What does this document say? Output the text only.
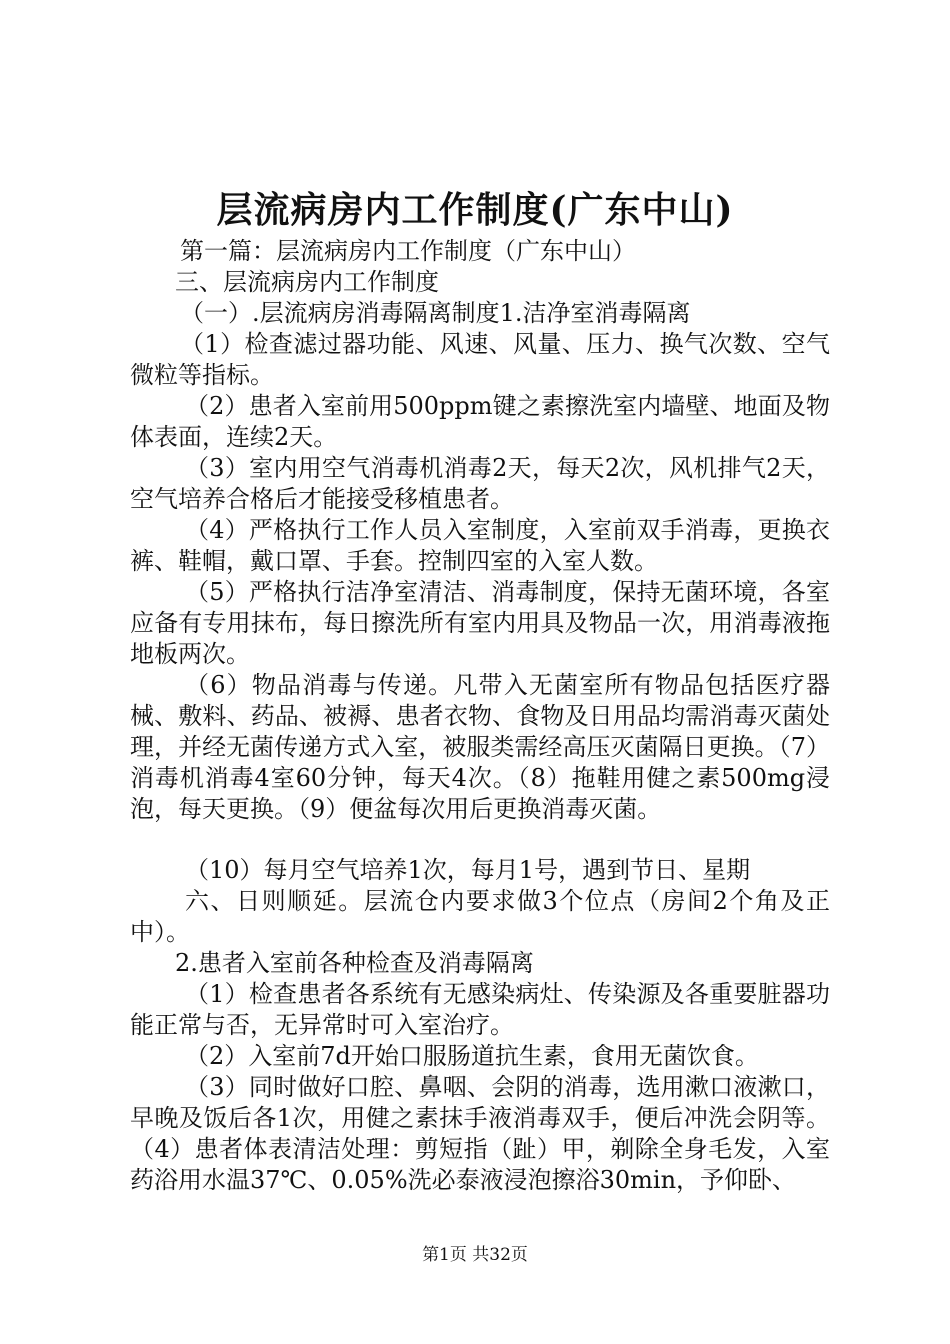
层流病房内工作制度(广东中山)

第一篇：层流病房内工作制度（广东中山）

三、层流病房内工作制度

（一）.层流病房消毒隔离制度1.洁净室消毒隔离

（1）检查滤过器功能、风速、风量、压力、换气次数、空气微粒等指标。

（2）患者入室前用500ppm键之素擦洗室内墙壁、地面及物体表面，连续2天。

（3）室内用空气消毒机消毒2天，每天2次，风机排气2天，空气培养合格后才能接受移植患者。

（4）严格执行工作人员入室制度，入室前双手消毒，更换衣裤、鞋帽，戴口罩、手套。控制四室的入室人数。

（5）严格执行洁净室清洁、消毒制度，保持无菌环境，各室应备有专用抹布，每日擦洗所有室内用具及物品一次，用消毒液拖地板两次。

（6）物品消毒与传递。凡带入无菌室所有物品包括医疗器械、敷料、药品、被褥、患者衣物、食物及日用品均需消毒灭菌处理，并经无菌传递方式入室，被服类需经高压灭菌隔日更换。（7）消毒机消毒4室60分钟，每天4次。（8）拖鞋用健之素500mg浸泡，每天更换。（9）便盆每次用后更换消毒灭菌。

（10）每月空气培养1次，每月1号，遇到节日、星期

六、日则顺延。层流仓内要求做3个位点（房间2个角及正中）。

2.患者入室前各种检查及消毒隔离

（1）检查患者各系统有无感染病灶、传染源及各重要脏器功能正常与否，无异常时可入室治疗。

（2）入室前7d开始口服肠道抗生素，食用无菌饮食。

（3）同时做好口腔、鼻咽、会阴的消毒，选用漱口液漱口，早晚及饭后各1次，用健之素抹手液消毒双手，便后冲洗会阴等。（4）患者体表清洁处理：剪短指（趾）甲，剃除全身毛发，入室药浴用水温37℃、0.05%洗必泰液浸泡擦浴30min，予仰卧、

第1页 共32页
